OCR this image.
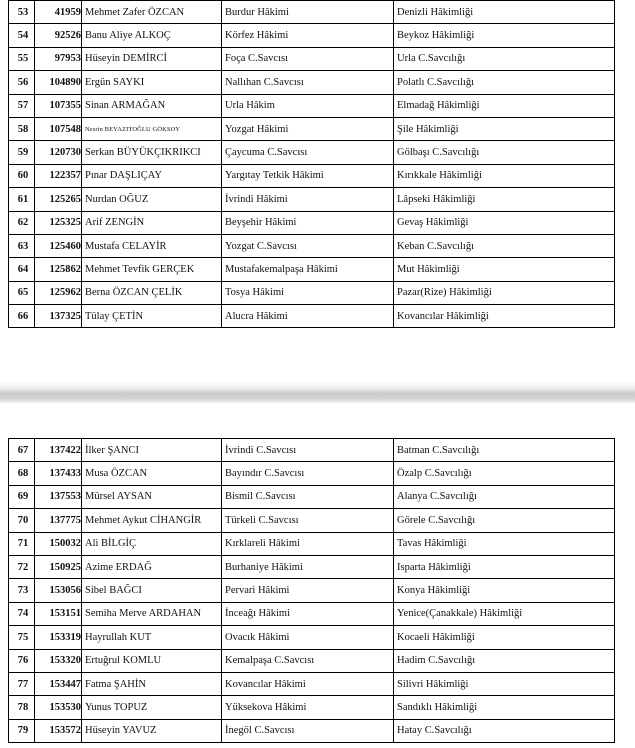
53	41959	Mehmet Zafer ÖZCAN	Burdur Hâkimi	Denizli Hâkimliği
54	92526	Banu Aliye ALKOÇ	Körfez Hâkimi	Beykoz Hâkimliği
55	97953	Hüseyin DEMİRCİ	Foça C.Savcısı	Urla C.Savcılığı
56	104890	Ergün SAYKI	Nallıhan C.Savcısı	Polatlı C.Savcılığı
57	107355	Sinan ARMAĞAN	Urla Hâkim	Elmadağ Hâkimliği
58	107548	Nesrin BEYAZITOĞLU GÖKSOY	Yozgat Hâkimi	Şile Hâkimliği
59	120730	Serkan BÜYÜKÇIKRIKCI	Çaycuma C.Savcısı	Gölbaşı C.Savcılığı
60	122357	Pınar DAŞLIÇAY	Yargıtay Tetkik Hâkimi	Kırıkkale Hâkimliği
61	125265	Nurdan OĞUZ	İvrindi Hâkimi	Lâpseki Hâkimliği
62	125325	Arif ZENGİN	Beyşehir Hâkimi	Gevaş Hâkimliği
63	125460	Mustafa CELAYİR	Yozgat C.Savcısı	Keban C.Savcılığı
64	125862	Mehmet Tevfik GERÇEK	Mustafakemalpaşa Hâkimi	Mut Hâkimliği
65	125962	Berna ÖZCAN ÇELİK	Tosya Hâkimi	Pazar(Rize) Hâkimliği
66	137325	Tülay ÇETİN	Alucra Hâkimi	Kovancılar Hâkimliği
67	137422	İlker ŞANCI	İvrindi C.Savcısı	Batman C.Savcılığı
68	137433	Musa ÖZCAN	Bayındır C.Savcısı	Özalp C.Savcılığı
69	137553	Mürsel AYSAN	Bismil C.Savcısı	Alanya C.Savcılığı
70	137775	Mehmet Aykut CİHANGİR	Türkeli C.Savcısı	Görele C.Savcılığı
71	150032	Ali BİLGİÇ	Kırklareli Hâkimi	Tavas Hâkimliği
72	150925	Azime ERDAĞ	Burhaniye Hâkimi	Isparta Hâkimliği
73	153056	Sibel BAĞCI	Pervari Hâkimi	Konya Hâkimliği
74	153151	Semiha Merve ARDAHAN	İnceağı Hâkimi	Yenice(Çanakkale) Hâkimliği
75	153319	Hayrullah KUT	Ovacık Hâkimi	Kocaeli Hâkimliği
76	153320	Ertuğrul KOMLU	Kemalpaşa C.Savcısı	Hadim C.Savcılığı
77	153447	Fatma ŞAHİN	Kovancılar Hâkimi	Silivri Hâkimliği
78	153530	Yunus TOPUZ	Yüksekova Hâkimi	Sandıklı Hâkimliği
79	153572	Hüseyin YAVUZ	İnegöl C.Savcısı	Hatay C.Savcılığı
